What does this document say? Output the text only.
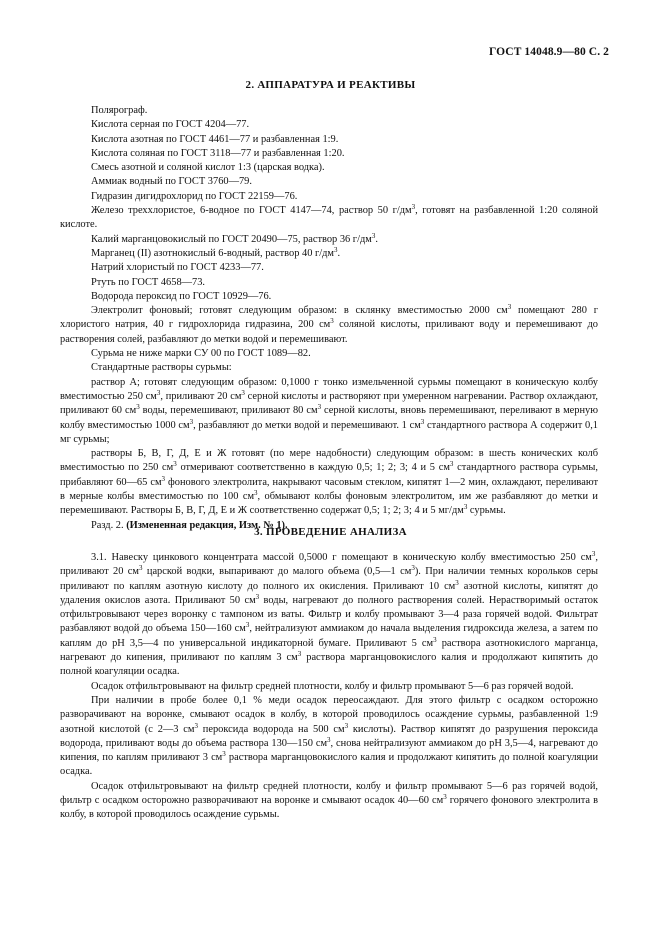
ГОСТ 14048.9—80 С. 2
2. АППАРАТУРА И РЕАКТИВЫ

Полярограф.

Кислота серная по ГОСТ 4204—77.

Кислота азотная по ГОСТ 4461—77 и разбавленная 1:9.

Кислота соляная по ГОСТ 3118—77 и разбавленная 1:20.

Смесь азотной и соляной кислот 1:3 (царская водка).

Аммиак водный по ГОСТ 3760—79.

Гидразин дигидрохлорид по ГОСТ 22159—76.

Железо треххлористое, 6-водное по ГОСТ 4147—74, раствор 50 $г/дм^3$, готовят на разбавленной 1:20 соляной кислоте.

Калий марганцовокислый по ГОСТ 20490—75, раствор 36 $г/дм^3$.

Марганец (II) азотнокислый 6-водный, раствор 40 $г/дм^3$.

Натрий хлористый по ГОСТ 4233—77.

Ртуть по ГОСТ 4658—73.

Водорода пероксид по ГОСТ 10929—76.

Электролит фоновый; готовят следующим образом: в склянку вместимостью 2000 $см^3$ помещают 280 г хлористого натрия, 40 г гидрохлорида гидразина, 200 $см^3$ соляной кислоты, приливают воду и перемешивают до растворения солей, разбавляют до метки водой и перемешивают.

Сурьма не ниже марки СУ 00 по ГОСТ 1089—82.

Стандартные растворы сурьмы:

раствор А; готовят следующим образом: 0,1000 г тонко измельченной сурьмы помещают в коническую колбу вместимостью 250 $см^3$, приливают 20 $см^3$ серной кислоты и растворяют при умеренном нагревании. Раствор охлаждают, приливают 60 $см^3$ воды, перемешивают, приливают 80 $см^3$ серной кислоты, вновь перемешивают, переливают в мерную колбу вместимостью 1000 $см^3$, разбавляют до метки водой и перемешивают. 1 $см^3$ стандартного раствора А содержит 0,1 мг сурьмы;

растворы Б, В, Г, Д, Е и Ж готовят (по мере надобности) следующим образом: в шесть конических колб вместимостью по 250 $см^3$ отмеривают соответственно в каждую 0,5; 1; 2; 3; 4 и 5 $см^3$ стандартного раствора сурьмы, прибавляют 60—65 $см^3$ фонового электролита, накрывают часовым стеклом, кипятят 1—2 мин, охлаждают, переливают в мерные колбы вместимостью по 100 $см^3$, обмывают колбы фоновым электролитом, им же разбавляют до метки и перемешивают. Растворы Б, В, Г, Д, Е и Ж соответственно содержат 0,5; 1; 2; 3; 4 и 5 $мг/дм^3$ сурьмы.

Разд. 2. (Измененная редакция, Изм. № 1).

3. ПРОВЕДЕНИЕ АНАЛИЗА

3.1. Навеску цинкового концентрата массой 0,5000 г помещают в коническую колбу вместимостью 250 $см^3$, приливают 20 $см^3$ царской водки, выпаривают до малого объема (0,5—1 $см^3$). При наличии темных корольков серы приливают по каплям азотную кислоту до полного их окисления. Приливают 10 $см^3$ азотной кислоты, кипятят до удаления окислов азота. Приливают 50 $см^3$ воды, нагревают до полного растворения солей. Нерастворимый остаток отфильтровывают через воронку с тампоном из ваты. Фильтр и колбу промывают 3—4 раза горячей водой. Фильтрат разбавляют водой до объема 150—160 $см^3$, нейтрализуют аммиаком до начала выделения гидроксида железа, а затем по каплям до pH 3,5—4 по универсальной индикаторной бумаге. Приливают 5 $см^3$ раствора азотнокислого марганца, нагревают до кипения, приливают по каплям 3 $см^3$ раствора марганцовокислого калия и продолжают кипятить до полной коагуляции осадка.

Осадок отфильтровывают на фильтр средней плотности, колбу и фильтр промывают 5—6 раз горячей водой.

При наличии в пробе более 0,1 % меди осадок переосаждают. Для этого фильтр с осадком осторожно разворачивают на воронке, смывают осадок в колбу, в которой проводилось осаждение сурьмы, разбавленной 1:9 азотной кислотой (с 2—3 $см^3$ пероксида водорода на 500 $см^3$ кислоты). Раствор кипятят до разрушения пероксида водорода, приливают воды до объема раствора 130—150 $см^3$, снова нейтрализуют аммиаком до pH 3,5—4, нагревают до кипения, по каплям приливают 3 $см^3$ раствора марганцовокислого калия и продолжают кипятить до полной коагуляции осадка.

Осадок отфильтровывают на фильтр средней плотности, колбу и фильтр промывают 5—6 раз горячей водой, фильтр с осадком осторожно разворачивают на воронке и смывают осадок 40—60 $см^3$ горячего фонового электролита в колбу, в которой проводилось осаждение сурьмы.
